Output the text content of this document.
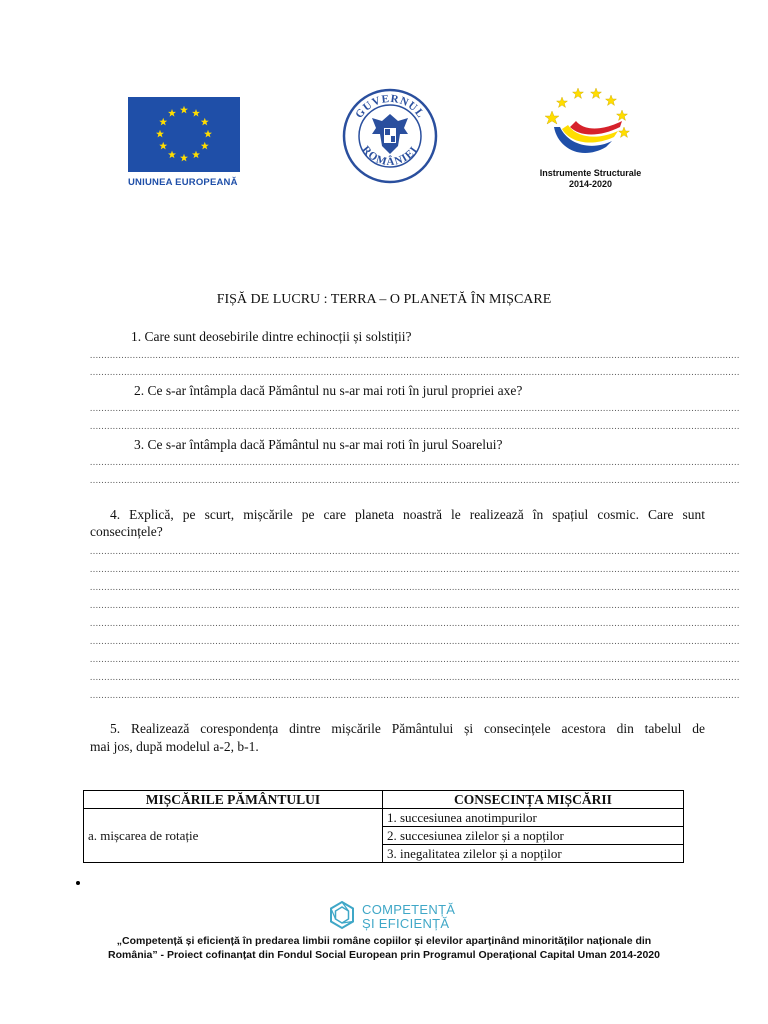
UNIUNEA EUROPEANĂ
GUVERNUL
ROMÂNIEI
Instrumente Structurale
2014-2020
FIȘĂ DE LUCRU : TERRA – O PLANETĂ ÎN MIȘCARE
1. Care sunt deosebirile dintre echinocții și solstiții?
....................................................................................................................................................................................................................................
....................................................................................................................................................................................................................................
2. Ce s-ar întâmpla dacă Pământul nu s-ar mai roti în jurul propriei axe?
....................................................................................................................................................................................................................................
....................................................................................................................................................................................................................................
3. Ce s-ar întâmpla dacă Pământul nu s-ar mai roti în jurul Soarelui?
....................................................................................................................................................................................................................................
....................................................................................................................................................................................................................................
4. Explică, pe scurt, mișcările pe care planeta noastră le realizează în spațiul cosmic. Care sunt
consecințele?
....................................................................................................................................................................................................................................
....................................................................................................................................................................................................................................
....................................................................................................................................................................................................................................
....................................................................................................................................................................................................................................
....................................................................................................................................................................................................................................
....................................................................................................................................................................................................................................
....................................................................................................................................................................................................................................
....................................................................................................................................................................................................................................
....................................................................................................................................................................................................................................
5. Realizează corespondența dintre mișcările Pământului și consecințele acestora din tabelul de
mai jos, după modelul a-2, b-1.
MIȘCĂRILE PĂMÂNTULUI	CONSECINȚA MIȘCĂRII
a. mișcarea de rotație	1. succesiunea anotimpurilor
	2. succesiunea zilelor și a nopților
	3. inegalitatea zilelor și a nopților
COMPETENȚĂ
ȘI EFICIENȚĂ
„Competență și eficiență în predarea limbii române copiilor și elevilor aparținând minorităților naționale din
România” - Proiect cofinanțat din Fondul Social European prin Programul Operațional Capital Uman 2014-2020
